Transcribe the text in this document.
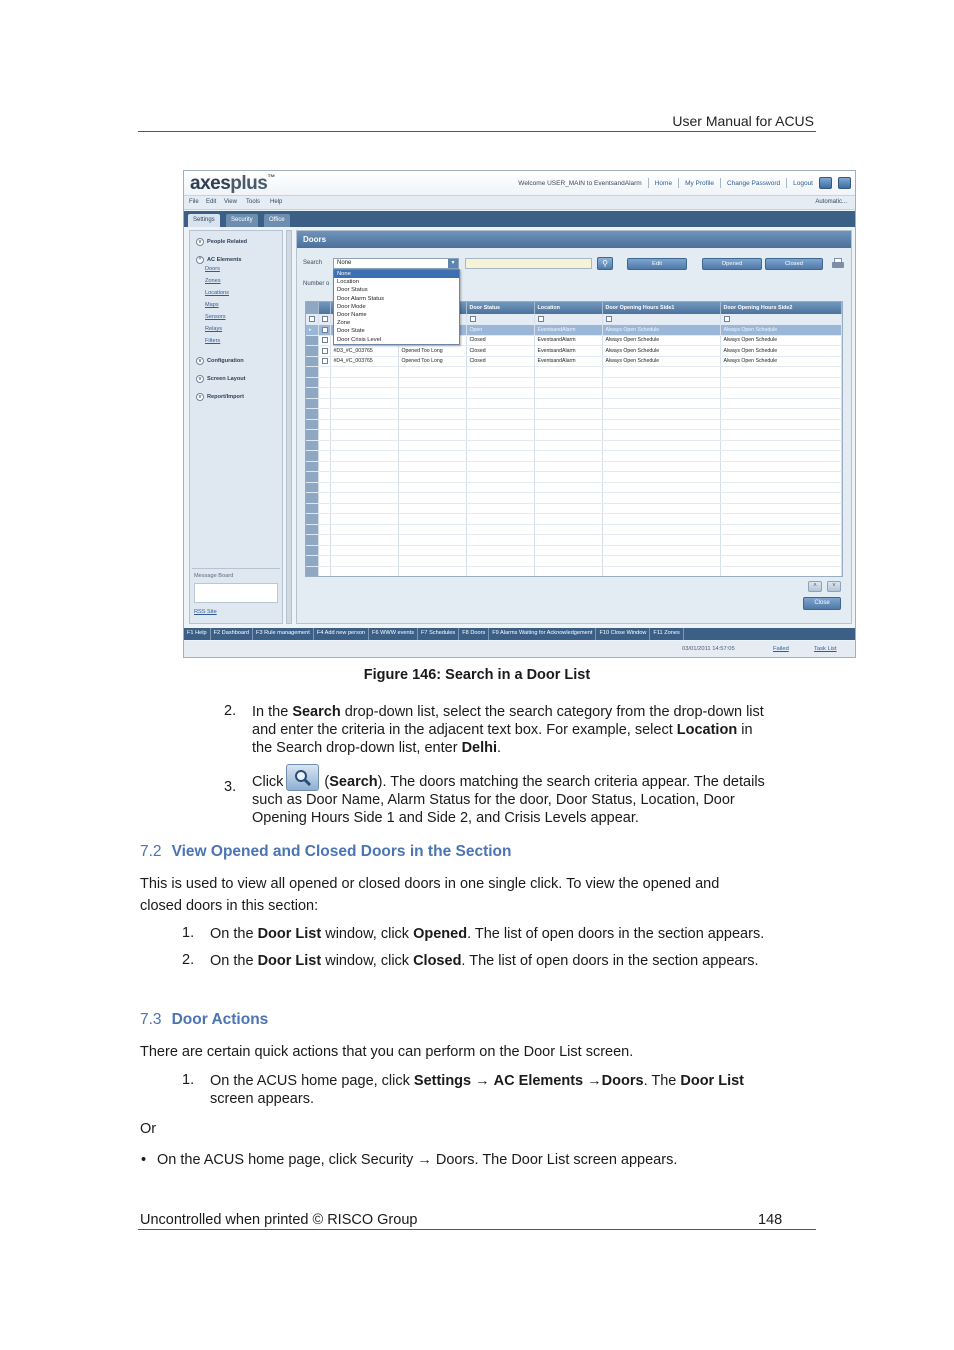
User Manual for ACUS
axesplus™
Welcome USER_MAIN to EventsandAlarm Home My Profile Change Password Logout
File Edit View Tools Help	Automatic...
Settings	Security	Office
v	People Related
^ AC Elements
Doors
Zones
Locations
Maps
Sensors
Relays
Filters
v	Configuration
v	Screen Layout
v	Report/Import
Message Board
RSS Site
Doors
Search
Number o
None	▾
None
Location
Door Status
Door Alarm Status
Door Mode
Door Name
Zone
Door State
Door Crisis Level
⚲	Edit	Opened	Closed
				Door Status	Location	Door Opening Hours Side1	Door Opening Hours Side2

▸				Open	EventsandAlarm	Always Open Schedule	Always Open Schedule
				Closed	EventsandAlarm	Always Open Schedule	Always Open Schedule
		#D3_#C_003765	Opened Too Long	Closed	EventsandAlarm	Always Open Schedule	Always Open Schedule
		#D4_#C_003765	Opened Too Long	Closed	EventsandAlarm	Always Open Schedule	Always Open Schedule

˄	˅
Close
F1 Help	F2 Dashboard	F3 Rule management	F4 Add new person	F6 WWW events	F7 Schedules	F8 Doors	F9 Alarms Waiting for Acknowledgement	F10 Close Window	F11 Zones
03/01/2011 14:57:05	Failed	Task List
Figure 146: Search in a Door List
2. In the Search drop-down list, select the search category from the drop-down list
and enter the criteria in the adjacent text box. For example, select Location in
the Search drop-down list, enter Delhi.
3. Click	( Search ). The doors matching the search criteria appear. The details
such as Door Name, Alarm Status for the door, Door Status, Location, Door
Opening Hours Side 1 and Side 2, and Crisis Levels appear.
7.2 View Opened and Closed Doors in the Section
This is used to view all opened or closed doors in one single click. To view the opened and
closed doors in this section:
1. On the Door List window, click Opened. The list of open doors in the section appears.
2. On the Door List window, click Closed. The list of open doors in the section appears.
7.3 Door Actions
There are certain quick actions that you can perform on the Door List screen.
1. On the ACUS home page, click Settings → AC Elements →Doors. The Door List
screen appears.
Or
• On the ACUS home page, click Security → Doors. The Door List screen appears.
Uncontrolled when printed © RISCO Group	148
